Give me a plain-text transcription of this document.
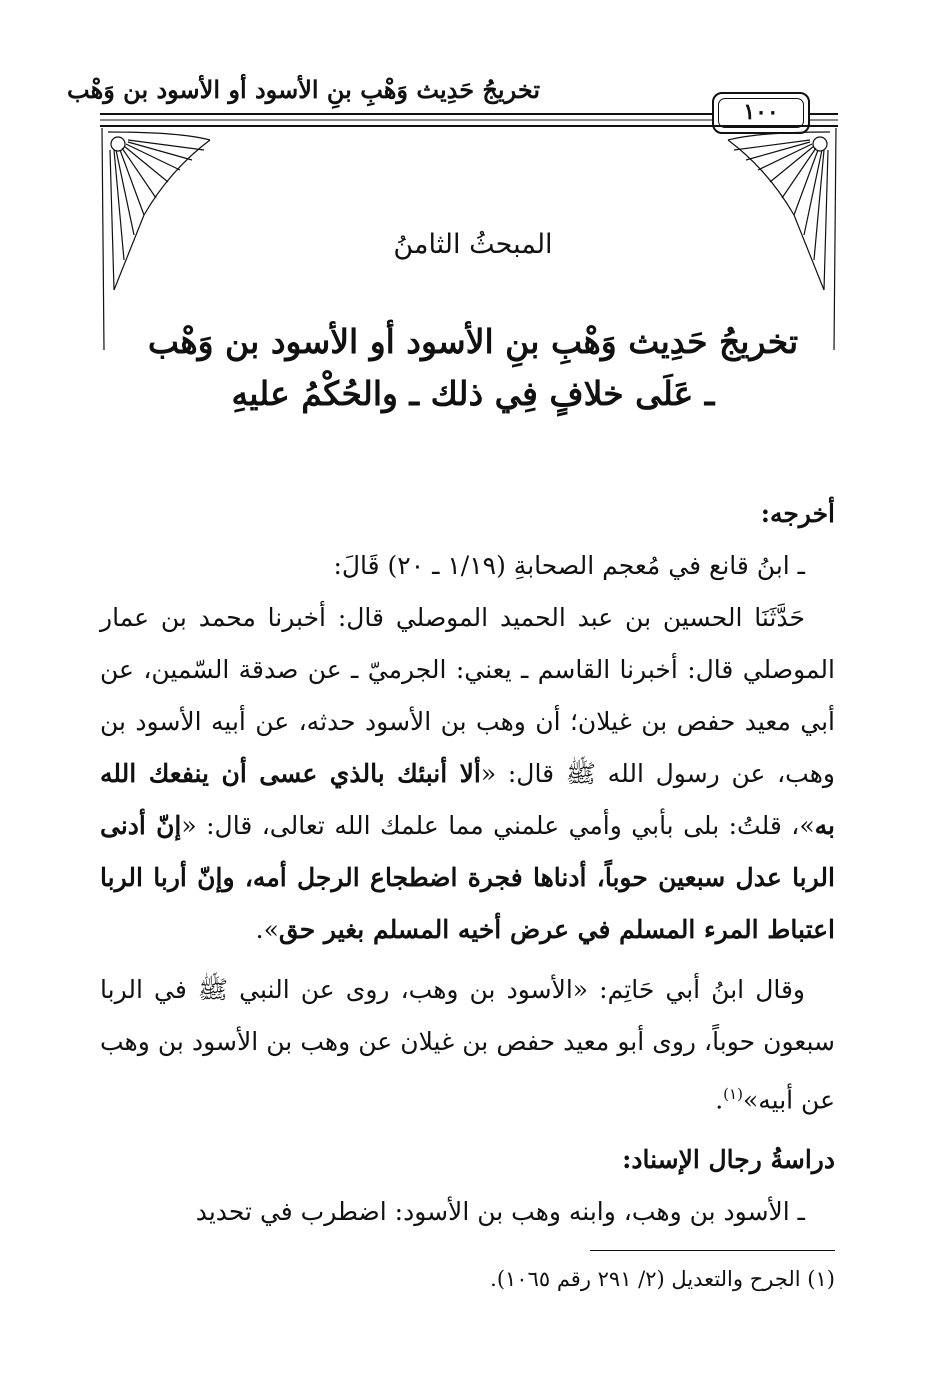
تخريجُ حَدِيث وَهْبِ بنِ الأسود أو الأسود بن وَهْب
١٠٠
المبحثُ الثامنُ
تخريجُ حَدِيث وَهْبِ بنِ الأسود أو الأسود بن وَهْب
ـ عَلَى خلافٍ فِي ذلك ـ والحُكْمُ عليهِ

أخرجه:

ـ ابنُ قانع في مُعجم الصحابةِ (١/١٩ ـ ٢٠) قَالَ:

حَدَّثَنَا الحسين بن عبد الحميد الموصلي قال: أخبرنا محمد بن عمار الموصلي قال: أخبرنا القاسم ـ يعني: الجرميّ ـ عن صدقة السّمين، عن أبي معيد حفص بن غيلان؛ أن وهب بن الأسود حدثه، عن أبيه الأسود بن وهب، عن رسول الله ﷺ قال: «ألا أنبئك بالذي عسى أن ينفعك الله به»، قلتُ: بلى بأبي وأمي علمني مما علمك الله تعالى، قال: «إنّ أدنى الربا عدل سبعين حوباً، أدناها فجرة اضطجاع الرجل أمه، وإنّ أربا الربا اعتباط المرء المسلم في عرض أخيه المسلم بغير حق».

وقال ابنُ أبي حَاتِم: «الأسود بن وهب، روى عن النبي ﷺ في الربا سبعون حوباً، روى أبو معيد حفص بن غيلان عن وهب بن الأسود بن وهب عن أبيه»$^{(١)}$.

دراسةُ رجال الإسناد:

ـ الأسود بن وهب، وابنه وهب بن الأسود: اضطرب في تحديد

(١) الجرح والتعديل (٢/ ٢٩١ رقم ١٠٦٥).
